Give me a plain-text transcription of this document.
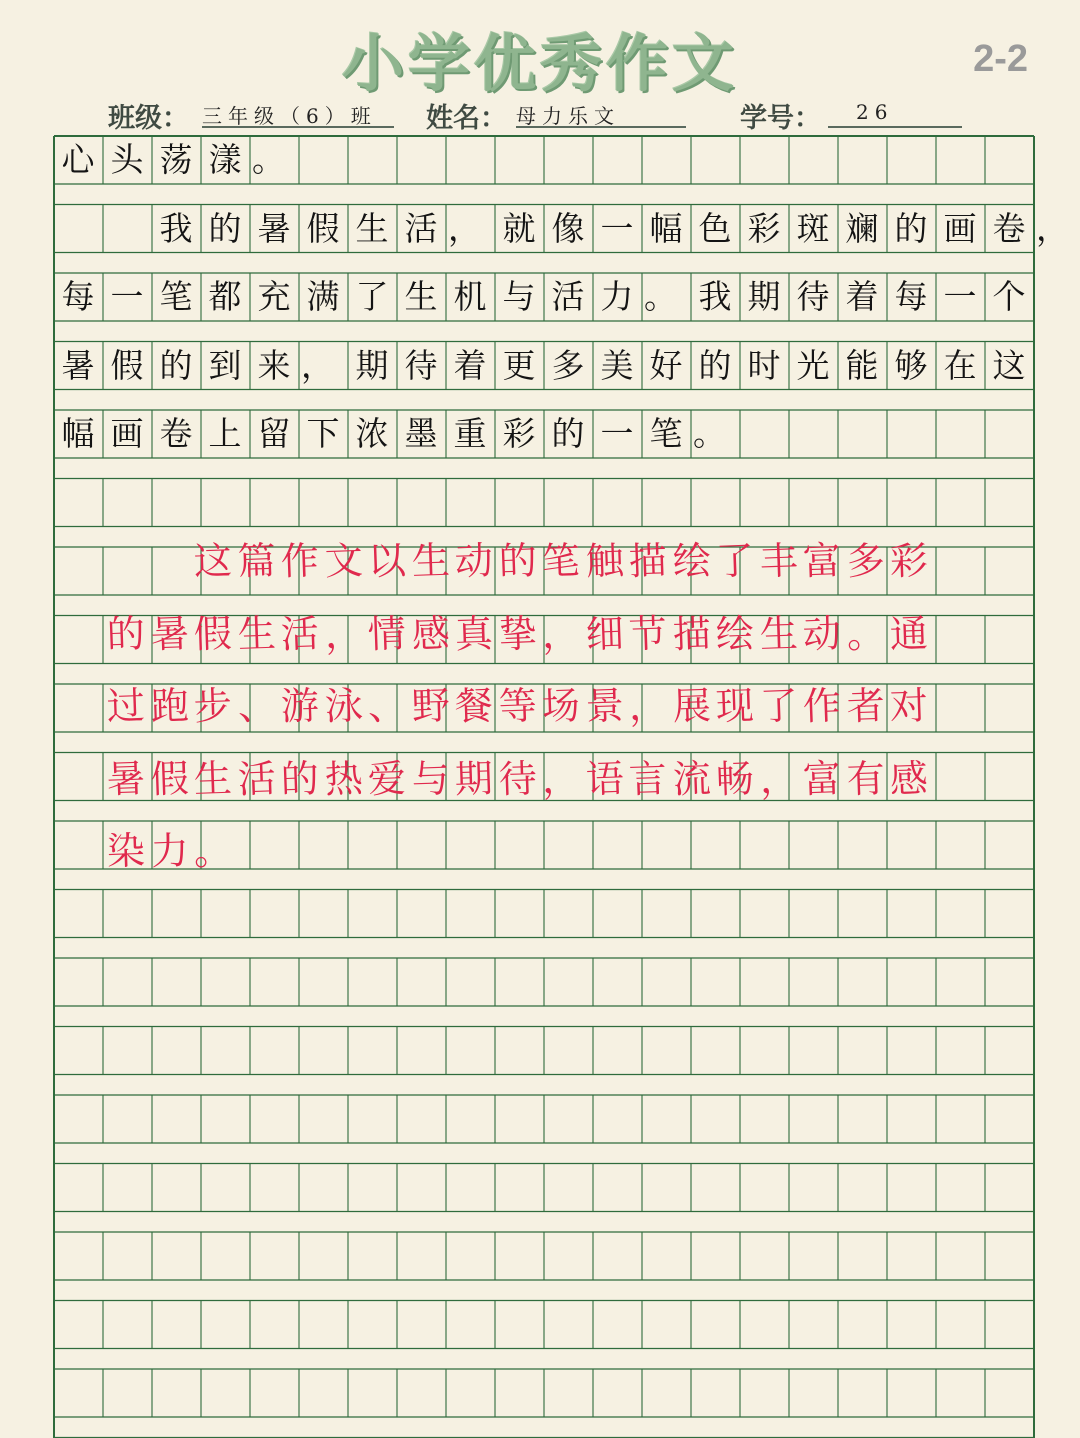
小学优秀作文	2-2
班级： 三年级（6）班	姓名： 母力乐文	学号：	26
心 头 荡 漾 。
我 的 暑 假 生 活 ， 就 像 一 幅 色 彩 斑 斓 的 画 卷 ，
每 一 笔 都 充 满 了 生 机 与 活 力 。 我 期 待 着 每 一 个
暑 假 的 到 来 ， 期 待 着 更 多 美 好 的 时 光 能 够 在 这
幅 画 卷 上 留 下 浓 墨 重 彩 的 一 笔 。
这 篇 作 文 以 生 动 的 笔 触 描 绘 了 丰 富 多 彩
的 暑 假 生 活 ， 情 感 真 挚 ， 细 节 描 绘 生 动 。 通
过 跑 步 、 游 泳 、 野 餐 等 场 景 ， 展 现 了 作 者 对
暑 假 生 活 的 热 爱 与 期 待 ， 语 言 流 畅 ， 富 有 感
染 力 。
